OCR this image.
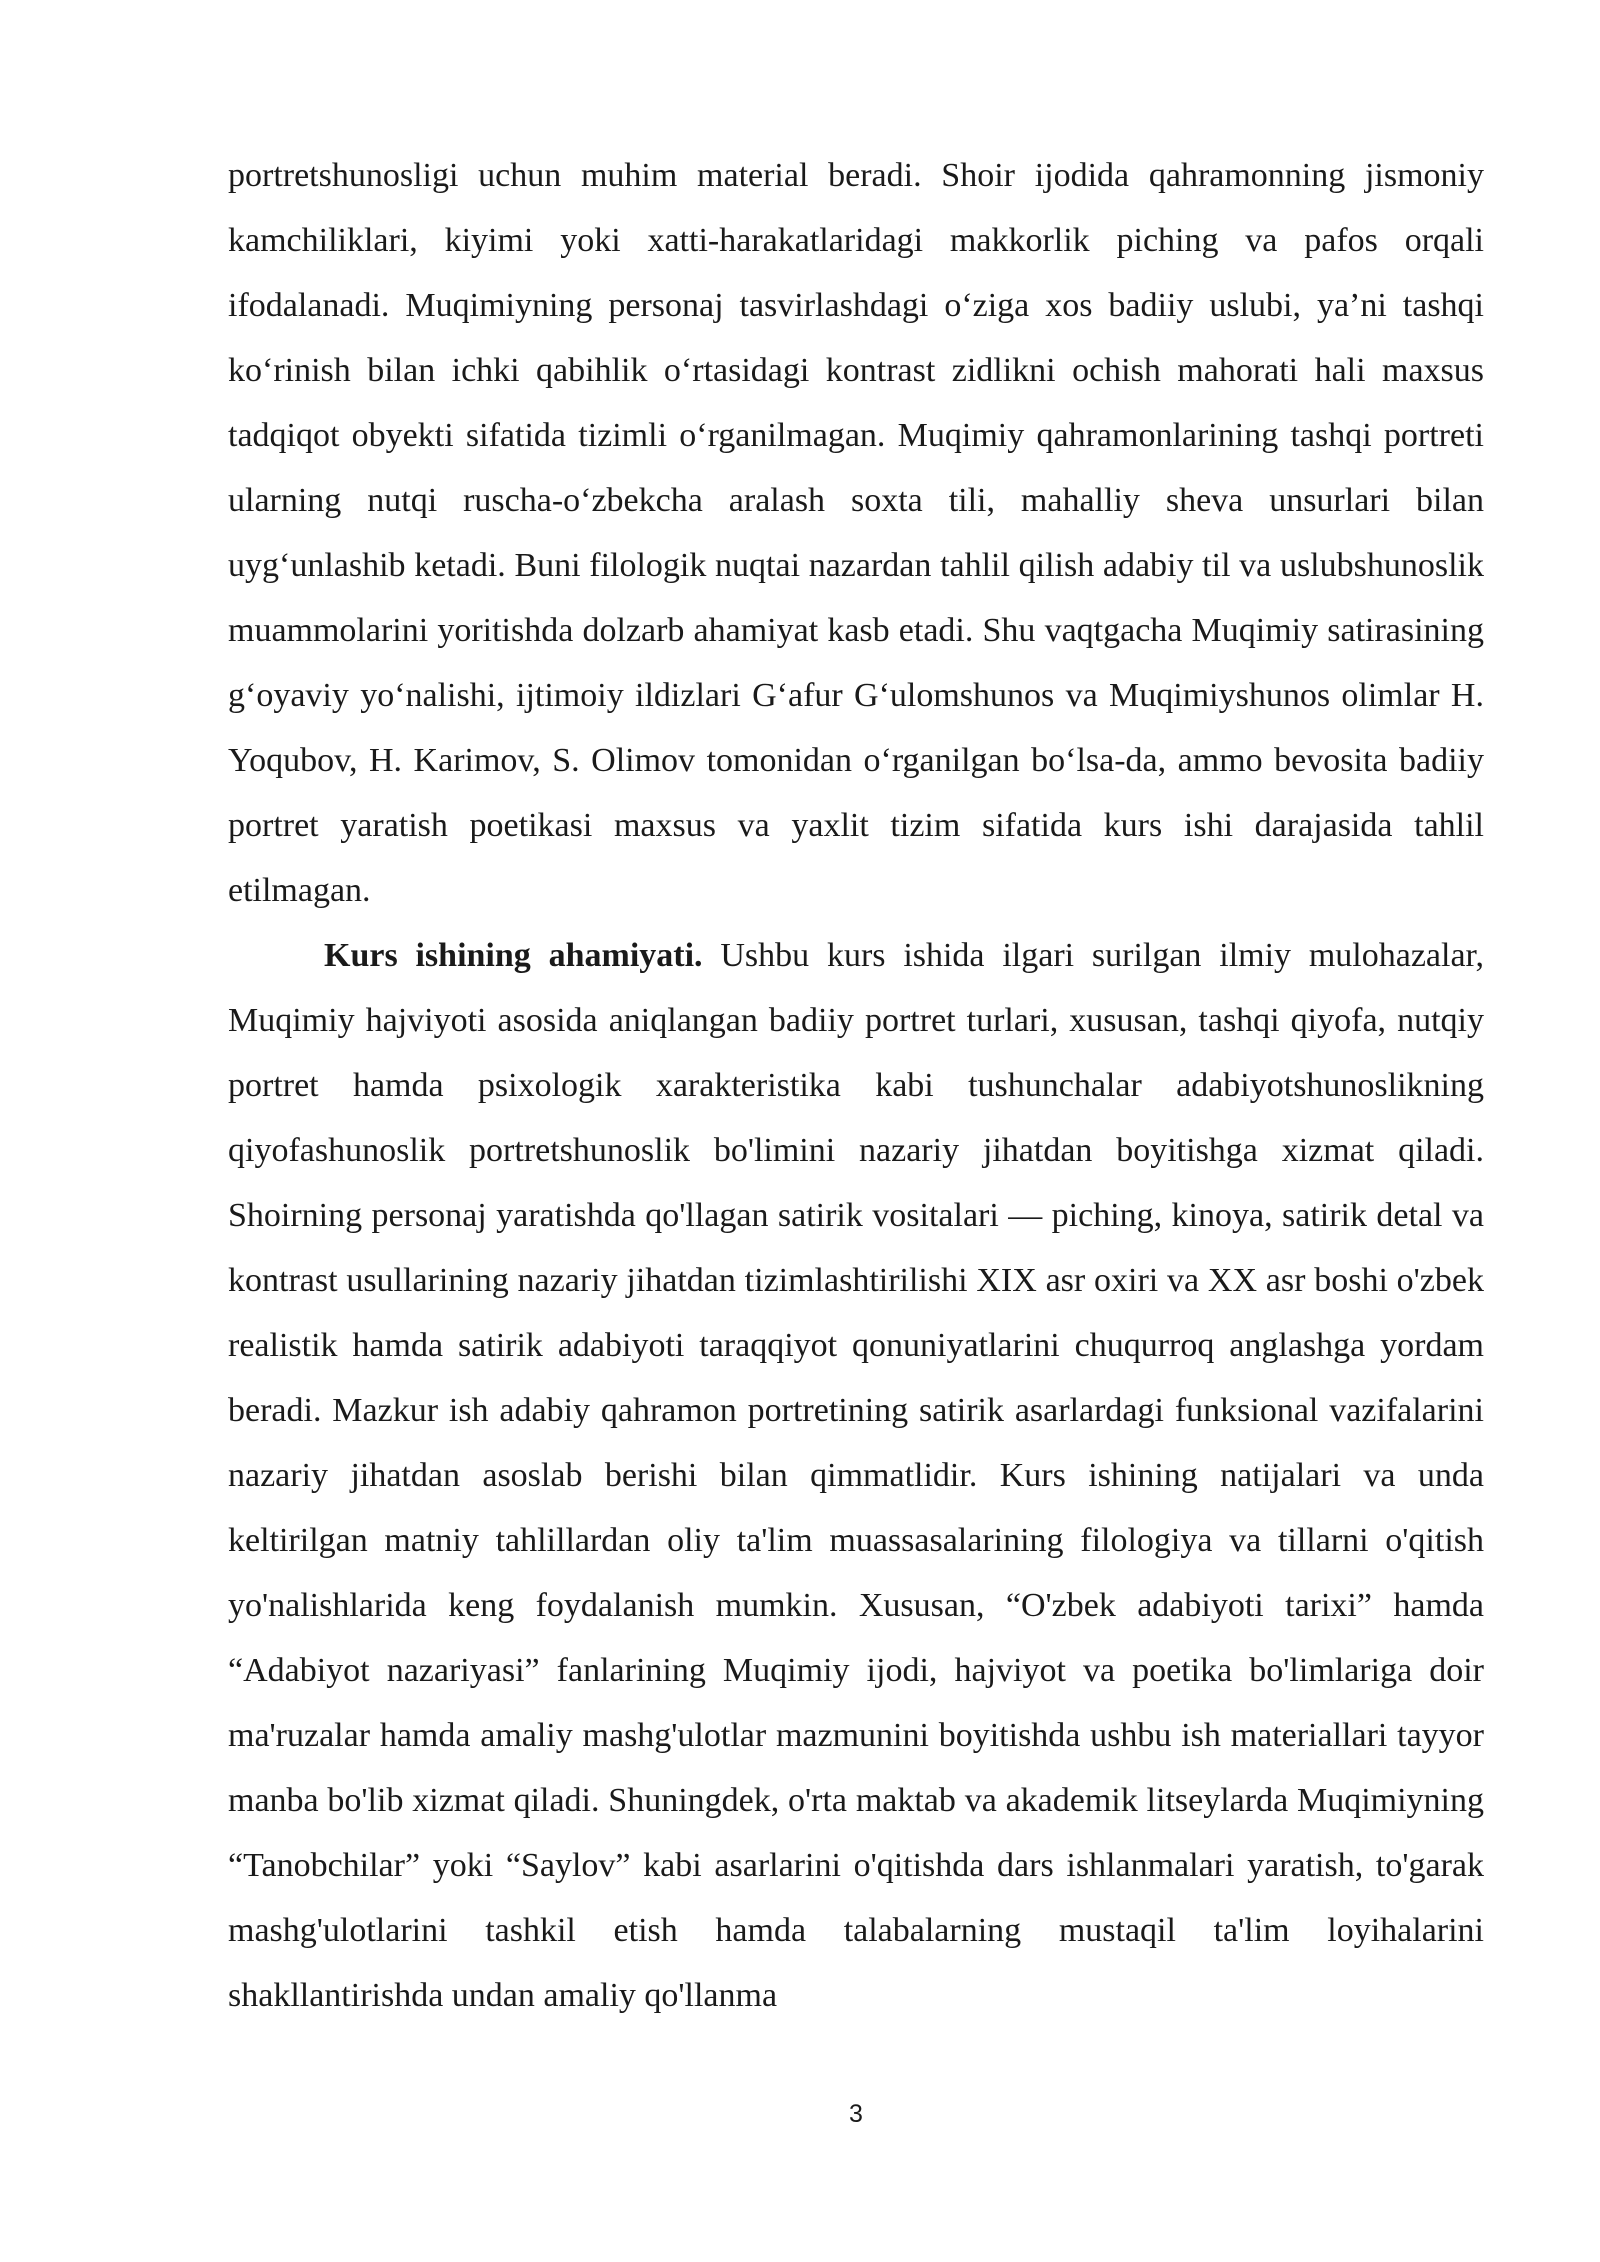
portretshunosligi uchun muhim material beradi. Shoir ijodida qahramonning jismoniy kamchiliklari, kiyimi yoki xatti-harakatlaridagi makkorlik piching va pafos orqali ifodalanadi. Muqimiyning personaj tasvirlashdagi o‘ziga xos badiiy uslubi, ya’ni tashqi ko‘rinish bilan ichki qabihlik o‘rtasidagi kontrast zidlikni ochish mahorati hali maxsus tadqiqot obyekti sifatida tizimli o‘rganilmagan. Muqimiy qahramonlarining tashqi portreti ularning nutqi ruscha-o‘zbekcha aralash soxta tili, mahalliy sheva unsurlari bilan uyg‘unlashib ketadi. Buni filologik nuqtai nazardan tahlil qilish adabiy til va uslubshunoslik muammolarini yoritishda dolzarb ahamiyat kasb etadi. Shu vaqtgacha Muqimiy satirasining g‘oyaviy yo‘nalishi, ijtimoiy ildizlari G‘afur G‘ulomshunos va Muqimiyshunos olimlar H. Yoqubov, H. Karimov, S. Olimov tomonidan o‘rganilgan bo‘lsa-da, ammo bevosita badiiy portret yaratish poetikasi maxsus va yaxlit tizim sifatida kurs ishi darajasida tahlil etilmagan.

Kurs ishining ahamiyati. Ushbu kurs ishida ilgari surilgan ilmiy mulohazalar, Muqimiy hajviyoti asosida aniqlangan badiiy portret turlari, xususan, tashqi qiyofa, nutqiy portret hamda psixologik xarakteristika kabi tushunchalar adabiyotshunoslikning qiyofashunoslik portretshunoslik bo'limini nazariy jihatdan boyitishga xizmat qiladi. Shoirning personaj yaratishda qo'llagan satirik vositalari — piching, kinoya, satirik detal va kontrast usullarining nazariy jihatdan tizimlashtirilishi XIX asr oxiri va XX asr boshi o'zbek realistik hamda satirik adabiyoti taraqqiyot qonuniyatlarini chuqurroq anglashga yordam beradi. Mazkur ish adabiy qahramon portretining satirik asarlardagi funksional vazifalarini nazariy jihatdan asoslab berishi bilan qimmatlidir. Kurs ishining natijalari va unda keltirilgan matniy tahlillardan oliy ta'lim muassasalarining filologiya va tillarni o'qitish yo'nalishlarida keng foydalanish mumkin. Xususan, “O'zbek adabiyoti tarixi” hamda “Adabiyot nazariyasi” fanlarining Muqimiy ijodi, hajviyot va poetika bo'limlariga doir ma'ruzalar hamda amaliy mashg'ulotlar mazmunini boyitishda ushbu ish materiallari tayyor manba bo'lib xizmat qiladi. Shuningdek, o'rta maktab va akademik litseylarda Muqimiyning “Tanobchilar” yoki “Saylov” kabi asarlarini o'qitishda dars ishlanmalari yaratish, to'garak mashg'ulotlarini tashkil etish hamda talabalarning mustaqil ta'lim loyihalarini shakllantirishda undan amaliy qo'llanma

3
